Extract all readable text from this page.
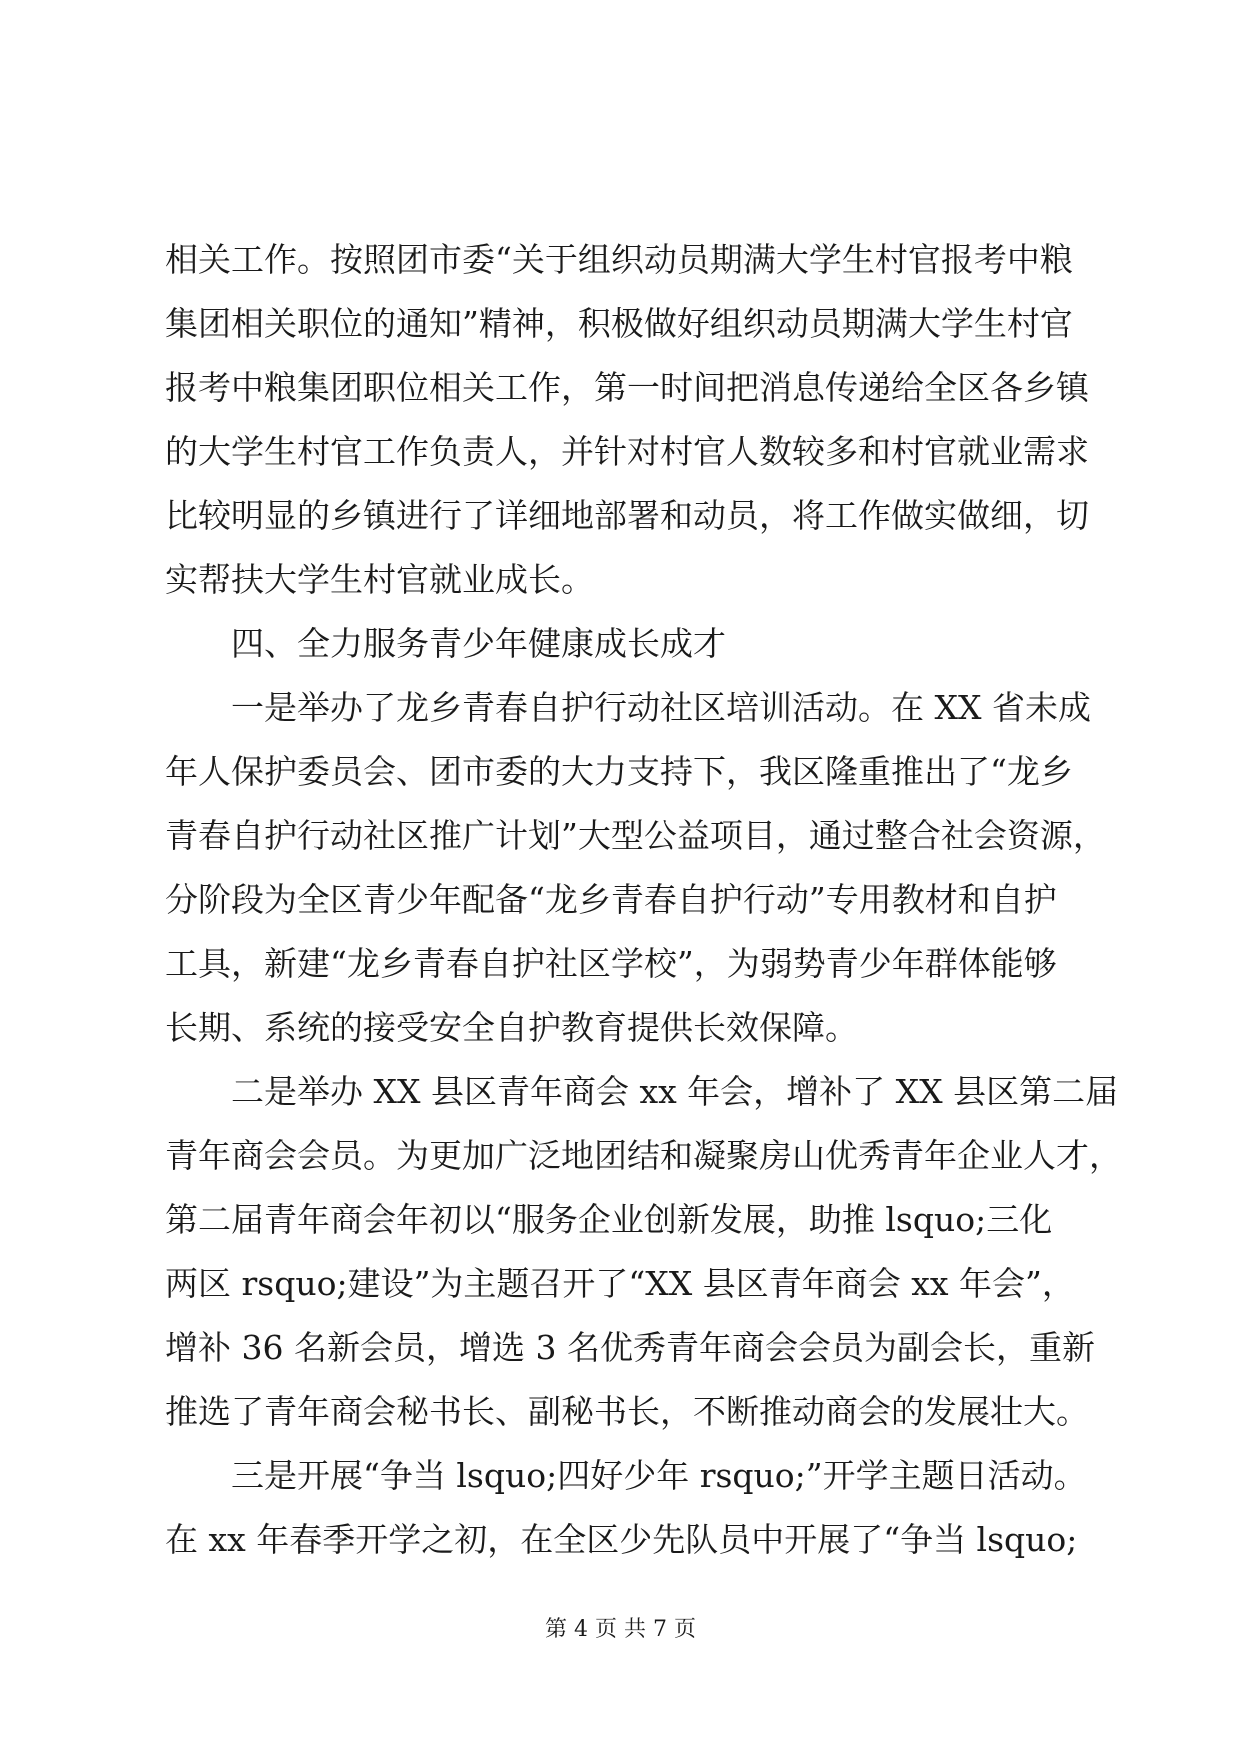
相关工作。按照团市委“关于组织动员期满大学生村官报考中粮
集团相关职位的通知”精神，积极做好组织动员期满大学生村官
报考中粮集团职位相关工作，第一时间把消息传递给全区各乡镇
的大学生村官工作负责人，并针对村官人数较多和村官就业需求
比较明显的乡镇进行了详细地部署和动员，将工作做实做细，切
实帮扶大学生村官就业成长。
四、全力服务青少年健康成长成才
一是举办了龙乡青春自护行动社区培训活动。在 XX 省未成
年人保护委员会、团市委的大力支持下，我区隆重推出了“龙乡
青春自护行动社区推广计划”大型公益项目，通过整合社会资源，
分阶段为全区青少年配备“龙乡青春自护行动”专用教材和自护
工具，新建“龙乡青春自护社区学校”，为弱势青少年群体能够
长期、系统的接受安全自护教育提供长效保障。
二是举办 XX 县区青年商会 xx 年会，增补了 XX 县区第二届
青年商会会员。为更加广泛地团结和凝聚房山优秀青年企业人才，
第二届青年商会年初以“服务企业创新发展，助推 lsquo;三化
两区 rsquo;建设”为主题召开了“XX 县区青年商会 xx 年会”，
增补 36 名新会员，增选 3 名优秀青年商会会员为副会长，重新
推选了青年商会秘书长、副秘书长，不断推动商会的发展壮大。
三是开展“争当 lsquo;四好少年 rsquo;”开学主题日活动。
在 xx 年春季开学之初，在全区少先队员中开展了“争当 lsquo;
第 4 页 共 7 页
